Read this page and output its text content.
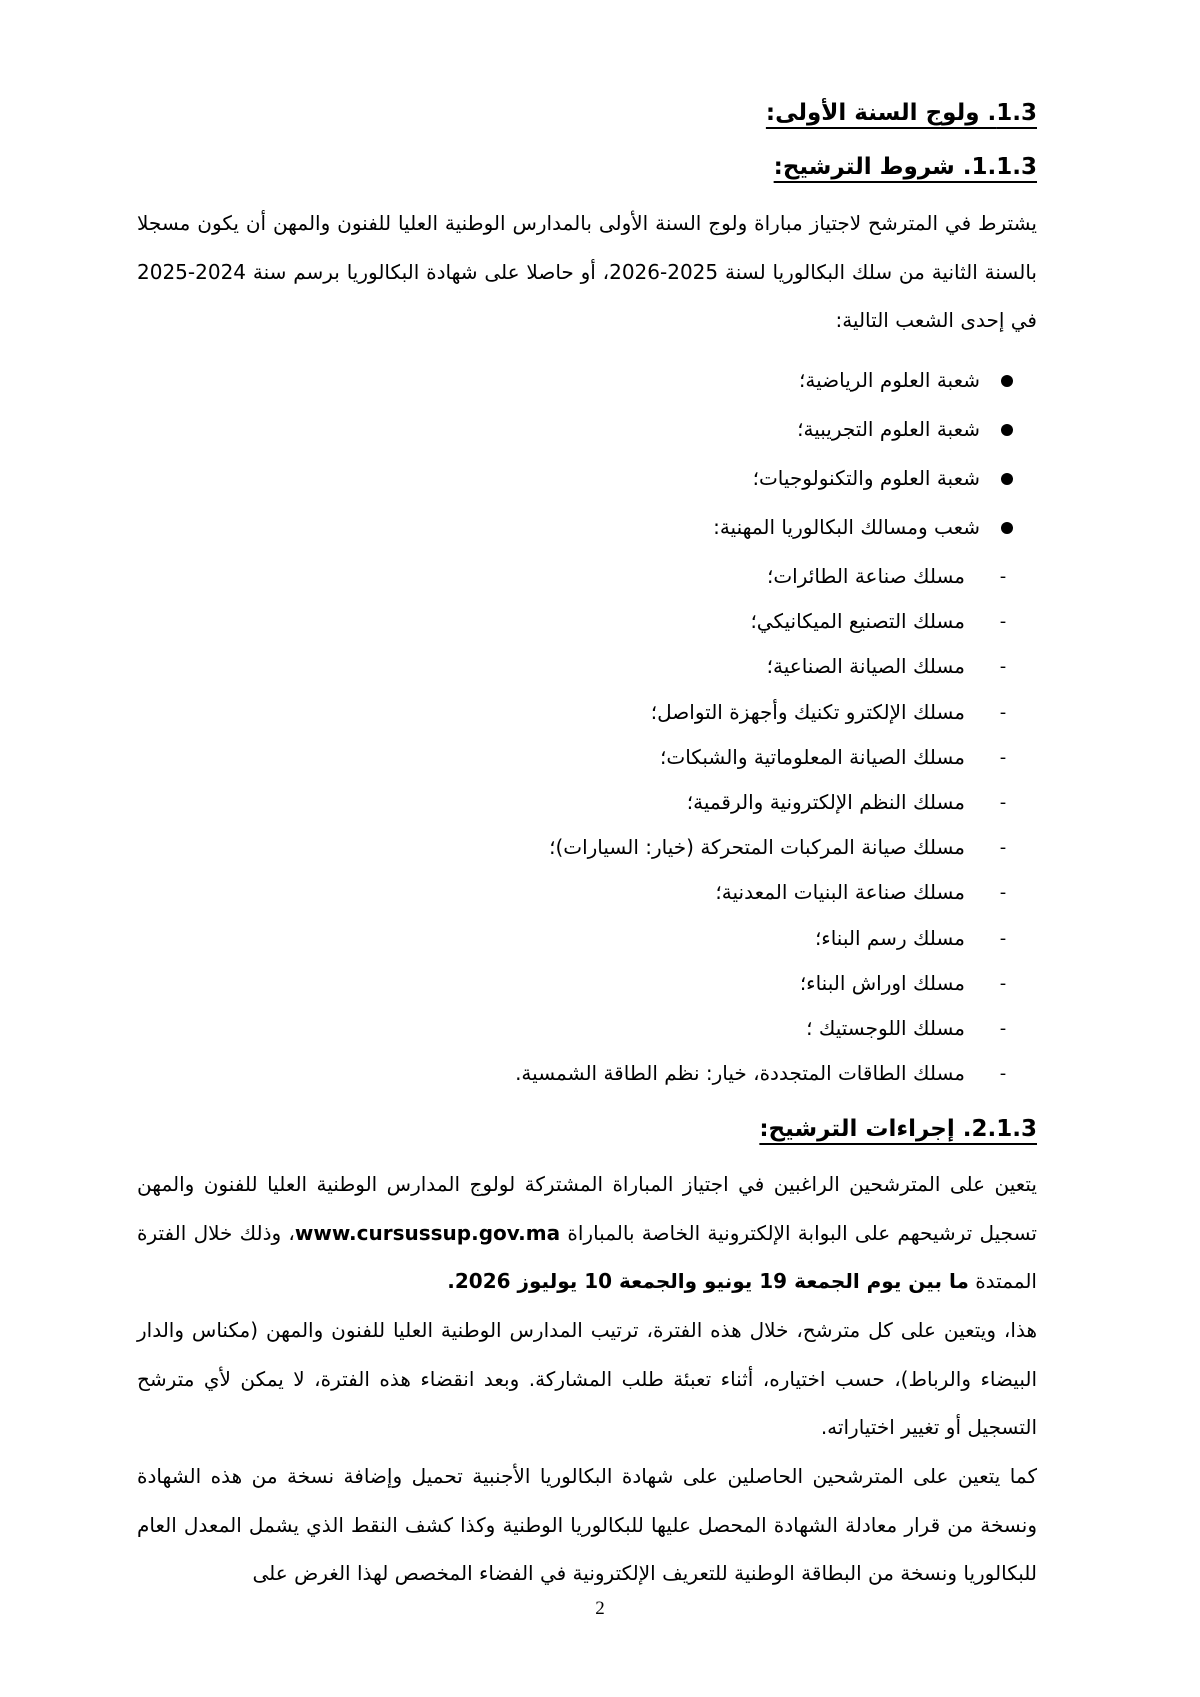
1.3. ولوج السنة الأولى:
1.1.3. شروط الترشيح:

يشترط في المترشح لاجتياز مباراة ولوج السنة الأولى بالمدارس الوطنية العليا للفنون والمهن أن يكون مسجلا بالسنة الثانية من سلك البكالوريا لسنة 2025-2026، أو حاصلا على شهادة البكالوريا برسم سنة 2024-2025 في إحدى الشعب التالية:

شعبة العلوم الرياضية؛
شعبة العلوم التجريبية؛
شعبة العلوم والتكنولوجيات؛
شعب ومسالك البكالوريا المهنية:
-
مسلك صناعة الطائرات؛
-
مسلك التصنيع الميكانيكي؛
-
مسلك الصيانة الصناعية؛
-
مسلك الإلكترو تكنيك وأجهزة التواصل؛
-
مسلك الصيانة المعلوماتية والشبكات؛
-
مسلك النظم الإلكترونية والرقمية؛
-
مسلك صيانة المركبات المتحركة (خيار: السيارات)؛
-
مسلك صناعة البنيات المعدنية؛
-
مسلك رسم البناء؛
-
مسلك اوراش البناء؛
-
مسلك اللوجستيك ؛
-
مسلك الطاقات المتجددة، خيار: نظم الطاقة الشمسية.
2.1.3. إجراءات الترشيح:

يتعين على المترشحين الراغبين في اجتياز المباراة المشتركة لولوج المدارس الوطنية العليا للفنون والمهن تسجيل ترشيحهم على البوابة الإلكترونية الخاصة بالمباراة www.cursussup.gov.ma، وذلك خلال الفترة الممتدة ما بين يوم الجمعة 19 يونيو والجمعة 10 يوليوز 2026.

هذا، ويتعين على كل مترشح، خلال هذه الفترة، ترتيب المدارس الوطنية العليا للفنون والمهن (مكناس والدار البيضاء والرباط)، حسب اختياره، أثناء تعبئة طلب المشاركة. وبعد انقضاء هذه الفترة، لا يمكن لأي مترشح التسجيل أو تغيير اختياراته.

كما يتعين على المترشحين الحاصلين على شهادة البكالوريا الأجنبية تحميل وإضافة نسخة من هذه الشهادة ونسخة من قرار معادلة الشهادة المحصل عليها للبكالوريا الوطنية وكذا كشف النقط الذي يشمل المعدل العام للبكالوريا ونسخة من البطاقة الوطنية للتعريف الإلكترونية في الفضاء المخصص لهذا الغرض على

2
